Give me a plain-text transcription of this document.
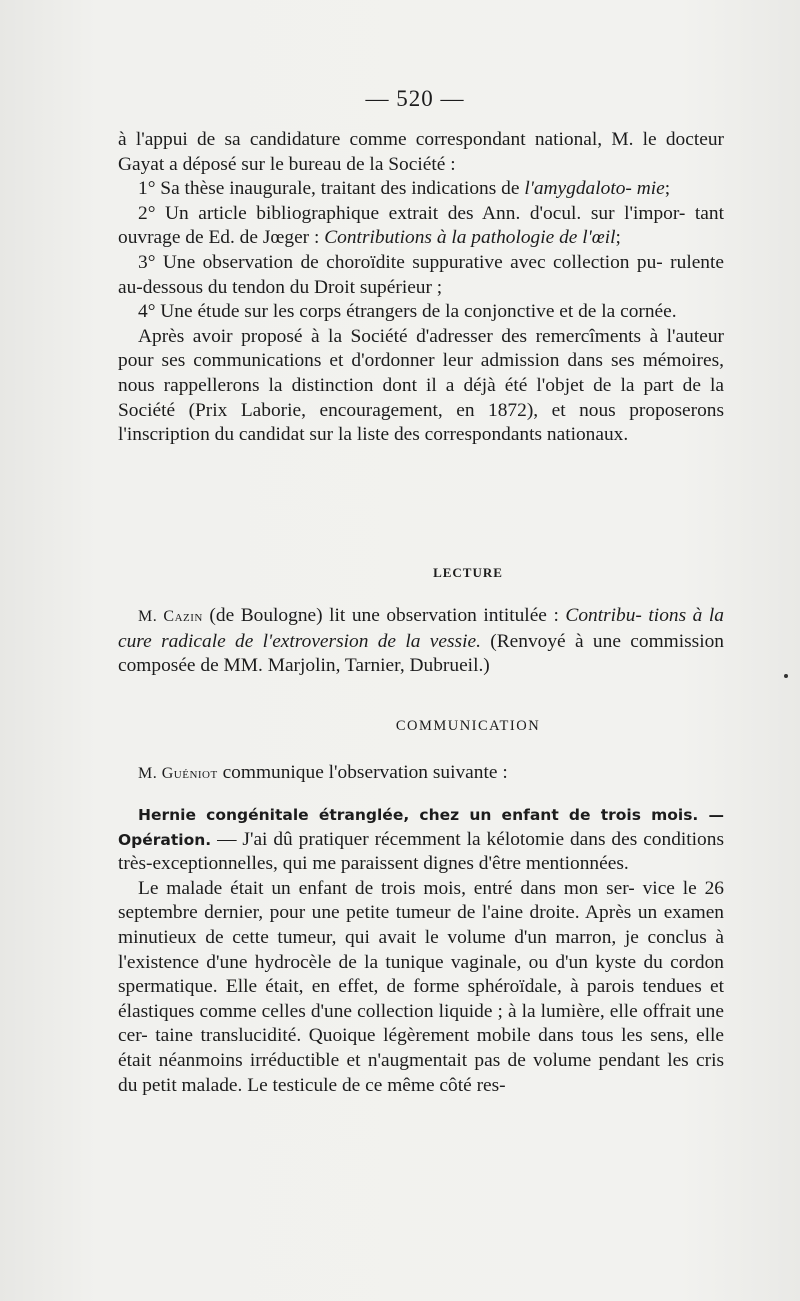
— 520 —

à l'appui de sa candidature comme correspondant national, M. le docteur Gayat a déposé sur le bureau de la Société :

1° Sa thèse inaugurale, traitant des indications de l'amygdaloto- mie;

2° Un article bibliographique extrait des Ann. d'ocul. sur l'impor- tant ouvrage de Ed. de Jœger : Contributions à la pathologie de l'œil;

3° Une observation de choroïdite suppurative avec collection pu- rulente au-dessous du tendon du Droit supérieur ;

4° Une étude sur les corps étrangers de la conjonctive et de la cornée.

Après avoir proposé à la Société d'adresser des remercîments à l'auteur pour ses communications et d'ordonner leur admission dans ses mémoires, nous rappellerons la distinction dont il a déjà été l'objet de la part de la Société (Prix Laborie, encouragement, en 1872), et nous proposerons l'inscription du candidat sur la liste des correspondants nationaux.

LECTURE

M. Cazin (de Boulogne) lit une observation intitulée : Contribu- tions à la cure radicale de l'extroversion de la vessie. (Renvoyé à une commission composée de MM. Marjolin, Tarnier, Dubrueil.)

COMMUNICATION
M. Guéniot communique l'observation suivante :

Hernie congénitale étranglée, chez un enfant de trois mois. — Opération. — J'ai dû pratiquer récemment la kélotomie dans des conditions très-exceptionnelles, qui me paraissent dignes d'être mentionnées.

Le malade était un enfant de trois mois, entré dans mon ser- vice le 26 septembre dernier, pour une petite tumeur de l'aine droite. Après un examen minutieux de cette tumeur, qui avait le volume d'un marron, je conclus à l'existence d'une hydrocèle de la tunique vaginale, ou d'un kyste du cordon spermatique. Elle était, en effet, de forme sphéroïdale, à parois tendues et élastiques comme celles d'une collection liquide ; à la lumière, elle offrait une cer- taine translucidité. Quoique légèrement mobile dans tous les sens, elle était néanmoins irréductible et n'augmentait pas de volume pendant les cris du petit malade. Le testicule de ce même côté res-
